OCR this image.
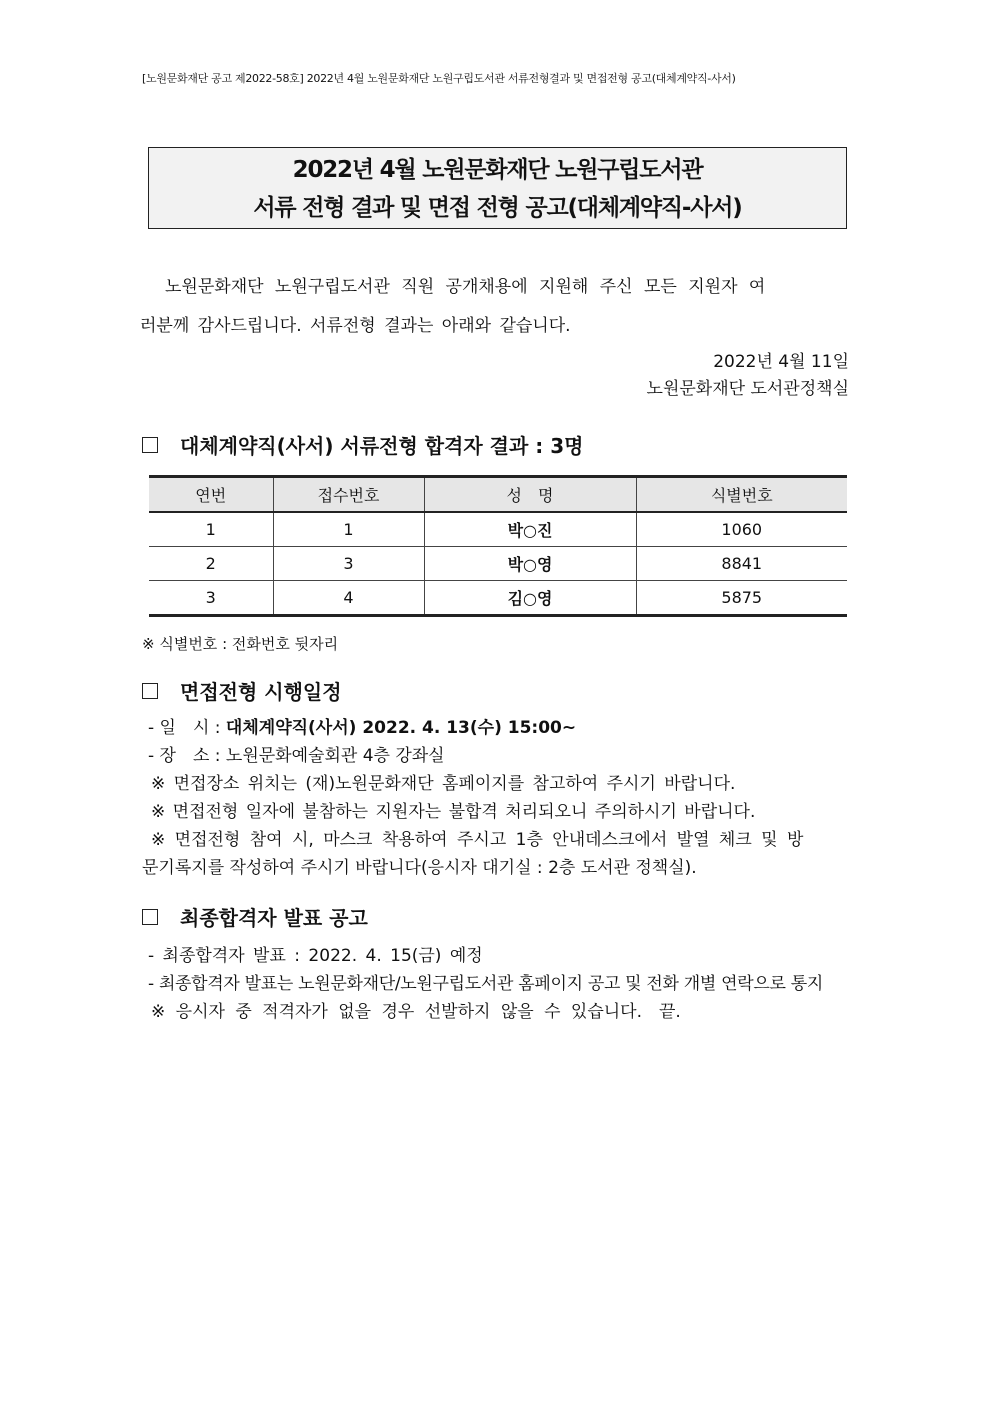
[노원문화재단 공고 제2022-58호] 2022년 4월 노원문화재단 노원구립도서관 서류전형결과 및 면접전형 공고(대체계약직-사서)
2022년 4월 노원문화재단 노원구립도서관
서류 전형 결과 및 면접 전형 공고(대체계약직-사서)
노원문화재단 노원구립도서관 직원 공개채용에 지원해 주신 모든 지원자 여
러분께 감사드립니다. 서류전형 결과는 아래와 같습니다.
2022년 4월 11일
노원문화재단 도서관정책실
대체계약직(사서) 서류전형 합격자 결과 : 3명
연번	접수번호	성　명	식별번호
1	1	박○진	1060
2	3	박○영	8841
3	4	김○영	5875
※ 식별번호 : 전화번호 뒷자리
면접전형 시행일정
- 일　시 : 대체계약직(사서) 2022. 4. 13(수) 15:00~
- 장　소 : 노원문화예술회관 4층 강좌실
※ 면접장소 위치는 (재)노원문화재단 홈페이지를 참고하여 주시기 바랍니다.
※ 면접전형 일자에 불참하는 지원자는 불합격 처리되오니 주의하시기 바랍니다.
※ 면접전형 참여 시, 마스크 착용하여 주시고 1층 안내데스크에서 발열 체크 및 방
문기록지를 작성하여 주시기 바랍니다(응시자 대기실 : 2층 도서관 정책실).
최종합격자 발표 공고
- 최종합격자 발표 : 2022. 4. 15(금) 예정
- 최종합격자 발표는 노원문화재단/노원구립도서관 홈페이지 공고 및 전화 개별 연락으로 통지
※ 응시자 중 적격자가 없을 경우 선발하지 않을 수 있습니다.　끝.
